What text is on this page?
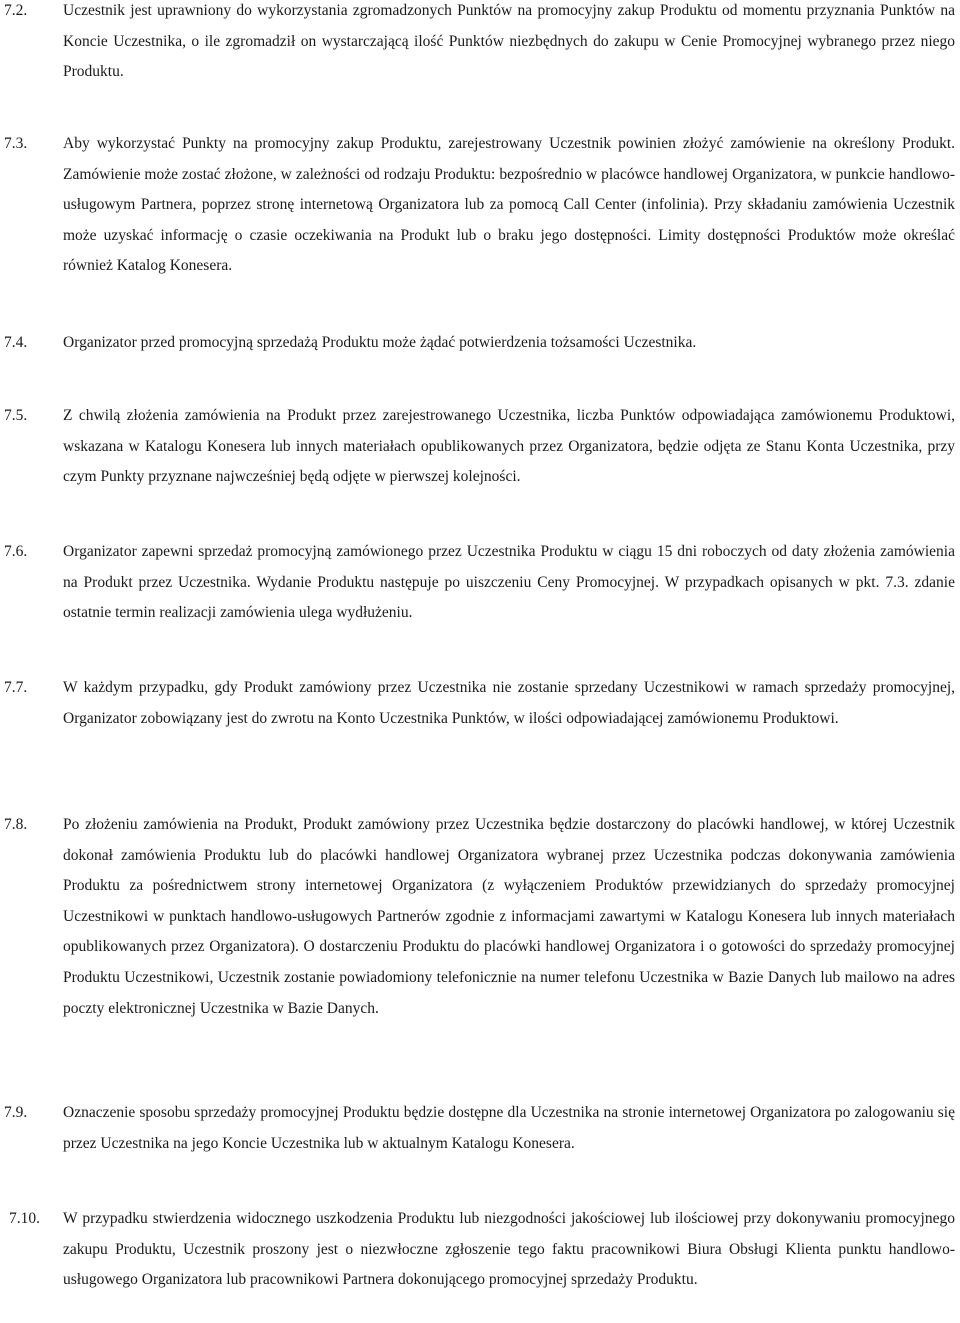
7.2. Uczestnik jest uprawniony do wykorzystania zgromadzonych Punktów na promocyjny zakup Produktu od momentu przyznania Punktów na Koncie Uczestnika, o ile zgromadził on wystarczającą ilość Punktów niezbędnych do zakupu w Cenie Promocyjnej wybranego przez niego Produktu.

7.3. Aby wykorzystać Punkty na promocyjny zakup Produktu, zarejestrowany Uczestnik powinien złożyć zamówienie na określony Produkt. Zamówienie może zostać złożone, w zależności od rodzaju Produktu: bezpośrednio w placówce handlowej Organizatora, w punkcie handlowo-usługowym Partnera, poprzez stronę internetową Organizatora lub za pomocą Call Center (infolinia). Przy składaniu zamówienia Uczestnik może uzyskać informację o czasie oczekiwania na Produkt lub o braku jego dostępności. Limity dostępności Produktów może określać również Katalog Konesera.

7.4. Organizator przed promocyjną sprzedażą Produktu może żądać potwierdzenia tożsamości Uczestnika.

7.5. Z chwilą złożenia zamówienia na Produkt przez zarejestrowanego Uczestnika, liczba Punktów odpowiadająca zamówionemu Produktowi, wskazana w Katalogu Konesera lub innych materiałach opublikowanych przez Organizatora, będzie odjęta ze Stanu Konta Uczestnika, przy czym Punkty przyznane najwcześniej będą odjęte w pierwszej kolejności.

7.6. Organizator zapewni sprzedaż promocyjną zamówionego przez Uczestnika Produktu w ciągu 15 dni roboczych od daty złożenia zamówienia na Produkt przez Uczestnika. Wydanie Produktu następuje po uiszczeniu Ceny Promocyjnej. W przypadkach opisanych w pkt. 7.3. zdanie ostatnie termin realizacji zamówienia ulega wydłużeniu.

7.7. W każdym przypadku, gdy Produkt zamówiony przez Uczestnika nie zostanie sprzedany Uczestnikowi w ramach sprzedaży promocyjnej, Organizator zobowiązany jest do zwrotu na Konto Uczestnika Punktów, w ilości odpowiadającej zamówionemu Produktowi.

7.8. Po złożeniu zamówienia na Produkt, Produkt zamówiony przez Uczestnika będzie dostarczony do placówki handlowej, w której Uczestnik dokonał zamówienia Produktu lub do placówki handlowej Organizatora wybranej przez Uczestnika podczas dokonywania zamówienia Produktu za pośrednictwem strony internetowej Organizatora (z wyłączeniem Produktów przewidzianych do sprzedaży promocyjnej Uczestnikowi w punktach handlowo-usługowych Partnerów zgodnie z informacjami zawartymi w Katalogu Konesera lub innych materiałach opublikowanych przez Organizatora). O dostarczeniu Produktu do placówki handlowej Organizatora i o gotowości do sprzedaży promocyjnej Produktu Uczestnikowi, Uczestnik zostanie powiadomiony telefonicznie na numer telefonu Uczestnika w Bazie Danych lub mailowo na adres poczty elektronicznej Uczestnika w Bazie Danych.

7.9. Oznaczenie sposobu sprzedaży promocyjnej Produktu będzie dostępne dla Uczestnika na stronie internetowej Organizatora po zalogowaniu się przez Uczestnika na jego Koncie Uczestnika lub w aktualnym Katalogu Konesera.

7.10. W przypadku stwierdzenia widocznego uszkodzenia Produktu lub niezgodności jakościowej lub ilościowej przy dokonywaniu promocyjnego zakupu Produktu, Uczestnik proszony jest o niezwłoczne zgłoszenie tego faktu pracownikowi Biura Obsługi Klienta punktu handlowo-usługowego Organizatora lub pracownikowi Partnera dokonującego promocyjnej sprzedaży Produktu.
